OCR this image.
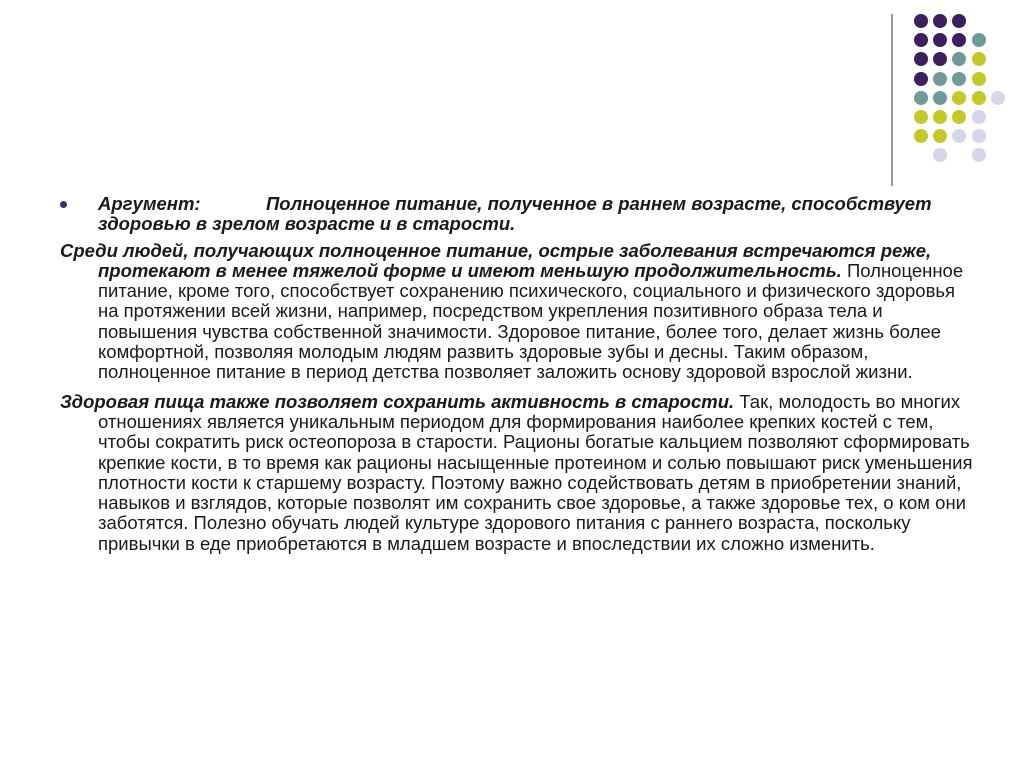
Аргумент:	Полноценное питание, полученное в раннем возрасте, способствует здоровью в зрелом возрасте и в старости.

Среди людей, получающих полноценное питание, острые заболевания встречаются реже, протекают в менее тяжелой форме и имеют меньшую продолжительность. Полноценное питание, кроме того, способствует сохранению психического, социального и физического здоровья на протяжении всей жизни, например, посредством укрепления позитивного образа тела и повышения чувства собственной значимости. Здоровое питание, более того, делает жизнь более комфортной, позволяя молодым людям развить здоровые зубы и десны. Таким образом, полноценное питание в период детства позволяет заложить основу здоровой взрослой жизни.

Здоровая пища также позволяет сохранить активность в старости. Так, молодость во многих отношениях является уникальным периодом для формирования наиболее крепких костей с тем, чтобы сократить риск остеопороза в старости. Рационы богатые кальцием позволяют сформировать крепкие кости, в то время как рационы насыщенные протеином и солью повышают риск уменьшения плотности кости к старшему возрасту. Поэтому важно содействовать детям в приобретении знаний, навыков и взглядов, которые позволят им сохранить свое здоровье, а также здоровье тех, о ком они заботятся. Полезно обучать людей культуре здорового питания с раннего возраста, поскольку привычки в еде приобретаются в младшем возрасте и впоследствии их сложно изменить.
